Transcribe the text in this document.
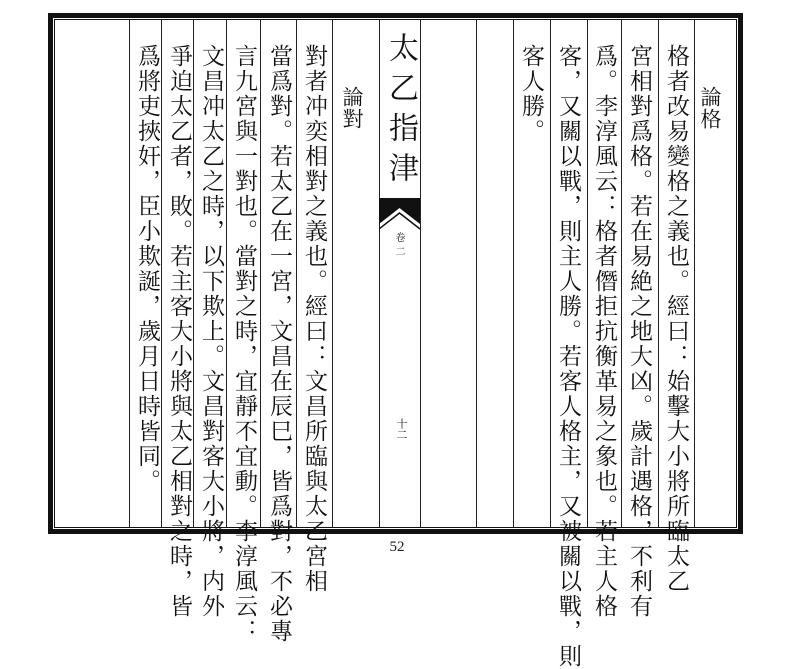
太乙指津
卷二
十二
論格
格者改易變格之義也。經曰：始擊大小將所臨太乙
宮相對爲格。若在易絶之地大凶。歲計遇格，不利有
爲。李淳風云：格者僭拒抗衡革易之象也。若主人格
客，又關以戰，則主人勝。若客人格主，又被關以戰，則
客人勝。
論對
對者冲奕相對之義也。經曰：文昌所臨與太乙宮相
當爲對。若太乙在一宮，文昌在辰巳，皆爲對，不必專
言九宮與一對也。當對之時，宜靜不宜動。李淳風云：
文昌冲太乙之時，以下欺上。文昌對客大小將，内外
爭迫太乙者，敗。若主客大小將與太乙相對之時，皆
爲將吏挾奸，臣小欺誕，歲月日時皆同。
52
